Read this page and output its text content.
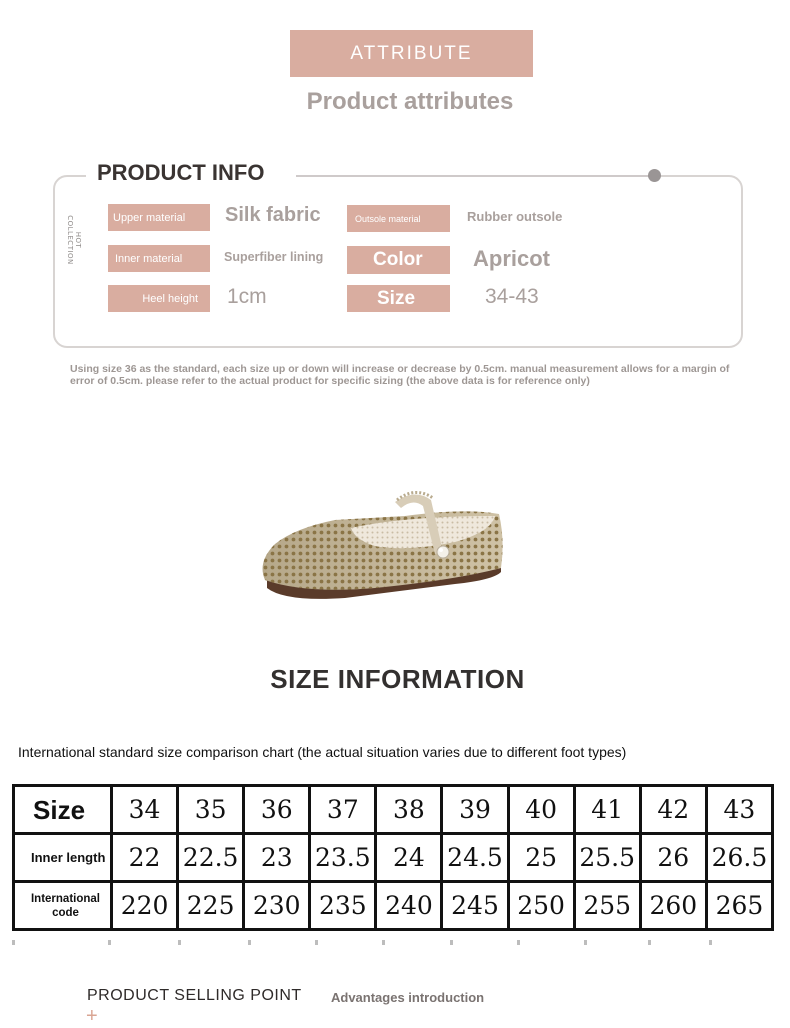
ATTRIBUTE
Product attributes
PRODUCT INFO
HOT COLLECTION	Upper material	Silk fabric
Inner material	Superfiber lining
Heel height	1cm
Outsole material	Rubber outsole
Color	Apricot
Size	34-43
Using size 36 as the standard, each size up or down will increase or decrease by 0.5cm. manual measurement allows for a margin of error of 0.5cm. please refer to the actual product for specific sizing (the above data is for reference only)
SIZE INFORMATION
International standard size comparison chart (the actual situation varies due to different foot types)
Size	34	35	36	37	38	39	40	41	42	43
Inner length	22	22.5	23	23.5	24	24.5	25	25.5	26	26.5
International code	220	225	230	235	240	245	250	255	260	265
PRODUCT SELLING POINT Advantages introduction
+
